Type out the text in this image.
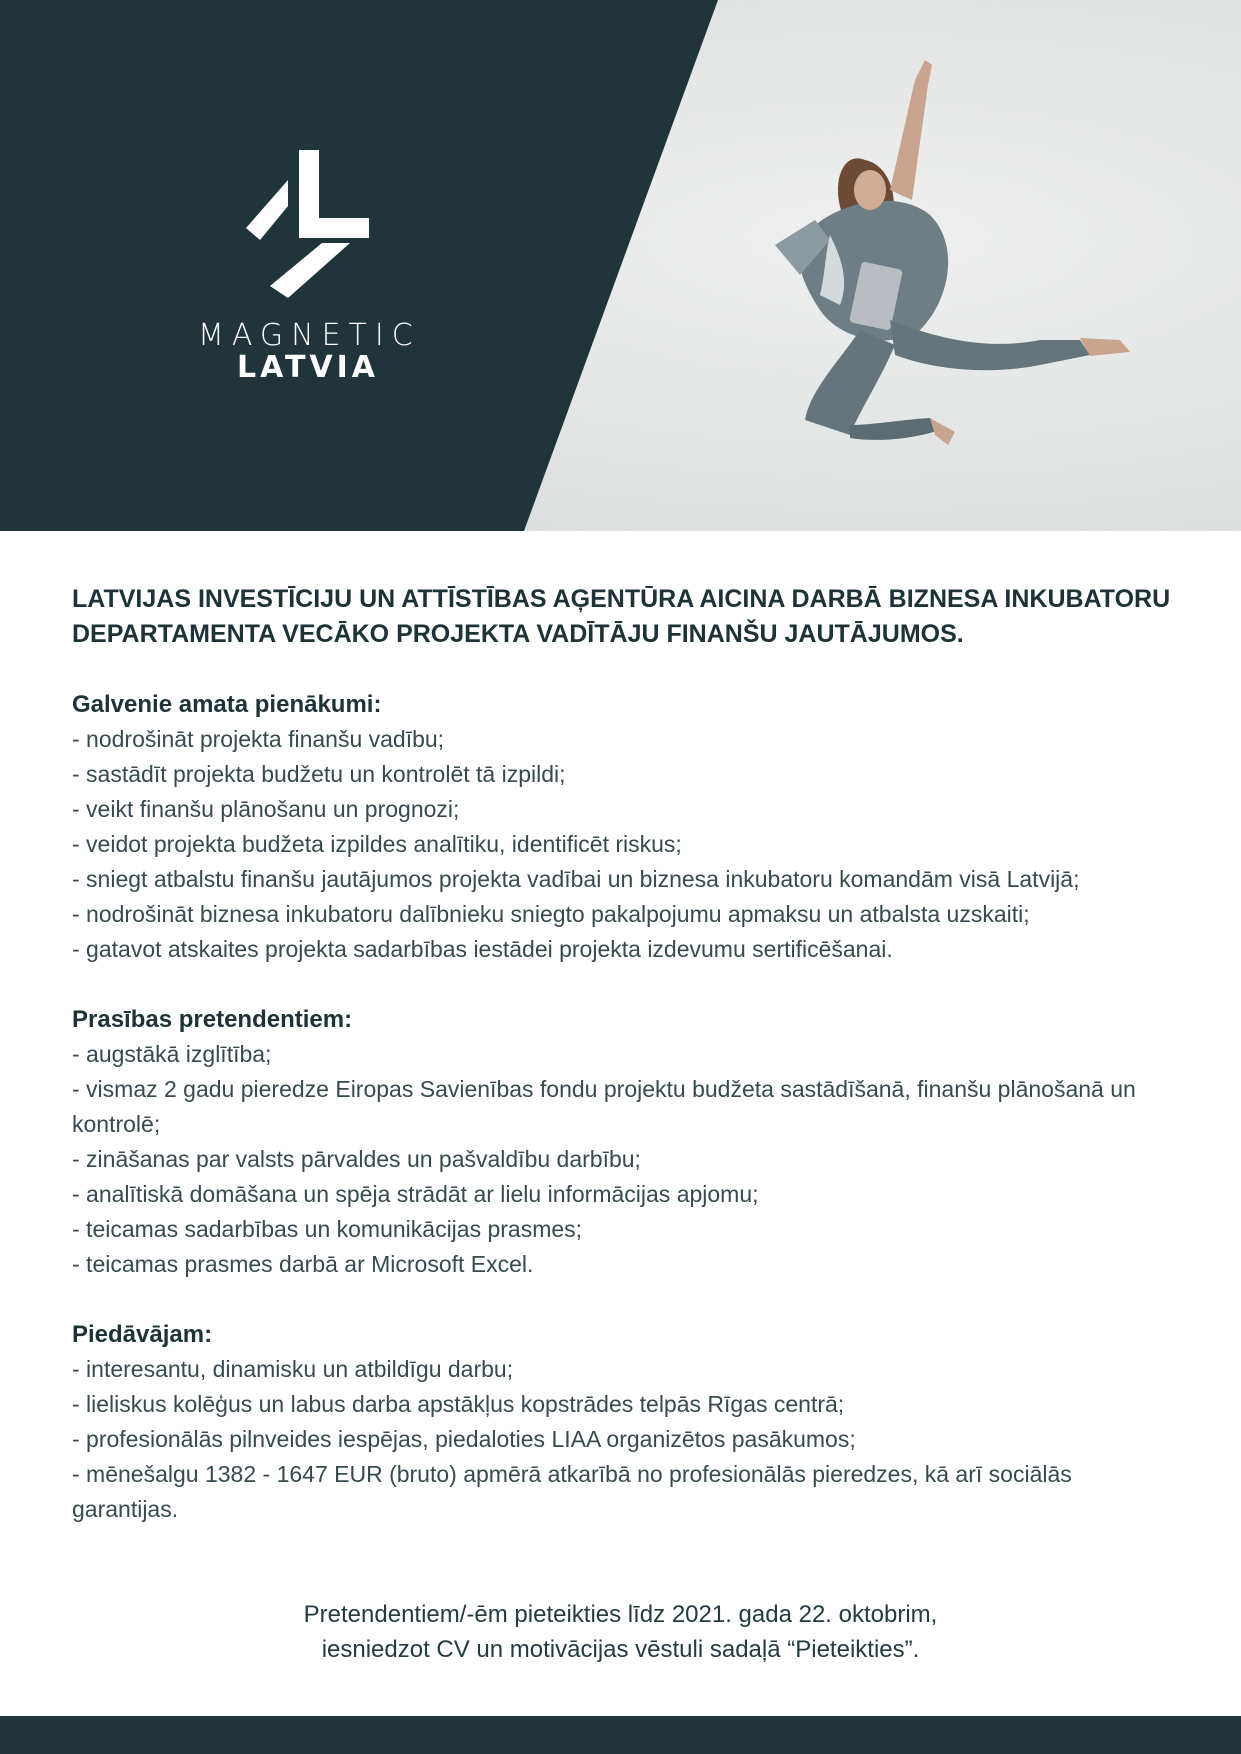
MAGNETIC
LATVIA
LATVIJAS INVESTĪCIJU UN ATTĪSTĪBAS AĢENTŪRA AICINA DARBĀ BIZNESA INKUBATORU DEPARTAMENTA VECĀKO PROJEKTA VADĪTĀJU FINANŠU JAUTĀJUMOS.
Galvenie amata pienākumi:
- nodrošināt projekta finanšu vadību;
- sastādīt projekta budžetu un kontrolēt tā izpildi;
- veikt finanšu plānošanu un prognozi;
- veidot projekta budžeta izpildes analītiku, identificēt riskus;
- sniegt atbalstu finanšu jautājumos projekta vadībai un biznesa inkubatoru komandām visā Latvijā;
- nodrošināt biznesa inkubatoru dalībnieku sniegto pakalpojumu apmaksu un atbalsta uzskaiti;
- gatavot atskaites projekta sadarbības iestādei projekta izdevumu sertificēšanai.
Prasības pretendentiem:
- augstākā izglītība;
- vismaz 2 gadu pieredze Eiropas Savienības fondu projektu budžeta sastādīšanā, finanšu plānošanā un kontrolē;
- zināšanas par valsts pārvaldes un pašvaldību darbību;
- analītiskā domāšana un spēja strādāt ar lielu informācijas apjomu;
- teicamas sadarbības un komunikācijas prasmes;
- teicamas prasmes darbā ar Microsoft Excel.
Piedāvājam:
- interesantu, dinamisku un atbildīgu darbu;
- lieliskus kolēģus un labus darba apstākļus kopstrādes telpās Rīgas centrā;
- profesionālās pilnveides iespējas, piedaloties LIAA organizētos pasākumos;
- mēnešalgu 1382 - 1647 EUR (bruto) apmērā atkarībā no profesionālās pieredzes, kā arī sociālās garantijas.
Pretendentiem/-ēm pieteikties līdz 2021. gada 22. oktobrim,
iesniedzot CV un motivācijas vēstuli sadaļā “Pieteikties”.
